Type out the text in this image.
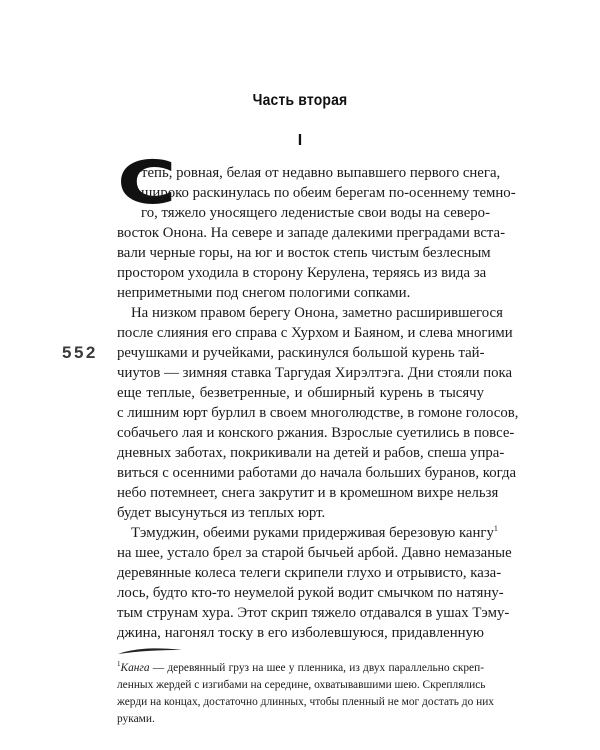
Часть вторая
I
552
С
тепь, ровная, белая от недавно выпавшего первого снега,
широко раскинулась по обеим берегам по-осеннему темно-
го, тяжело уносящего леденистые свои воды на северо-
восток Онона. На севере и западе далекими преградами вста-
вали черные горы, на юг и восток степь чистым безлесным
простором уходила в сторону Керулена, теряясь из вида за
неприметными под снегом пологими сопками.
На низком правом берегу Онона, заметно расширившегося
после слияния его справа с Хурхом и Баяном, и слева многими
речушками и ручейками, раскинулся большой курень тай-
чиутов — зимняя ставка Таргудая Хирэлтэга. Дни стояли пока
еще теплые, безветренные, и обширный курень в тысячу
с лишним юрт бурлил в своем многолюдстве, в гомоне голосов,
собачьего лая и конского ржания. Взрослые суетились в повсе-
дневных заботах, покрикивали на детей и рабов, спеша упра-
виться с осенними работами до начала больших буранов, когда
небо потемнеет, снега закрутит и в кромешном вихре нельзя
будет высунуться из теплых юрт.
Тэмуджин, обеими руками придерживая березовую кангу$^1$
на шее, устало брел за старой бычьей арбой. Давно немазаные
деревянные колеса телеги скрипели глухо и отрывисто, каза-
лось, будто кто-то неумелой рукой водит смычком по натяну-
тым струнам хура. Этот скрип тяжело отдавался в ушах Тэму-
джина, нагонял тоску в его изболевшуюся, придавленную
$^1$Канга — деревянный груз на шее у пленника, из двух параллельно скреп-
ленных жердей с изгибами на середине, охватывавшими шею. Скреплялись
жерди на концах, достаточно длинных, чтобы пленный не мог достать до них
руками.
